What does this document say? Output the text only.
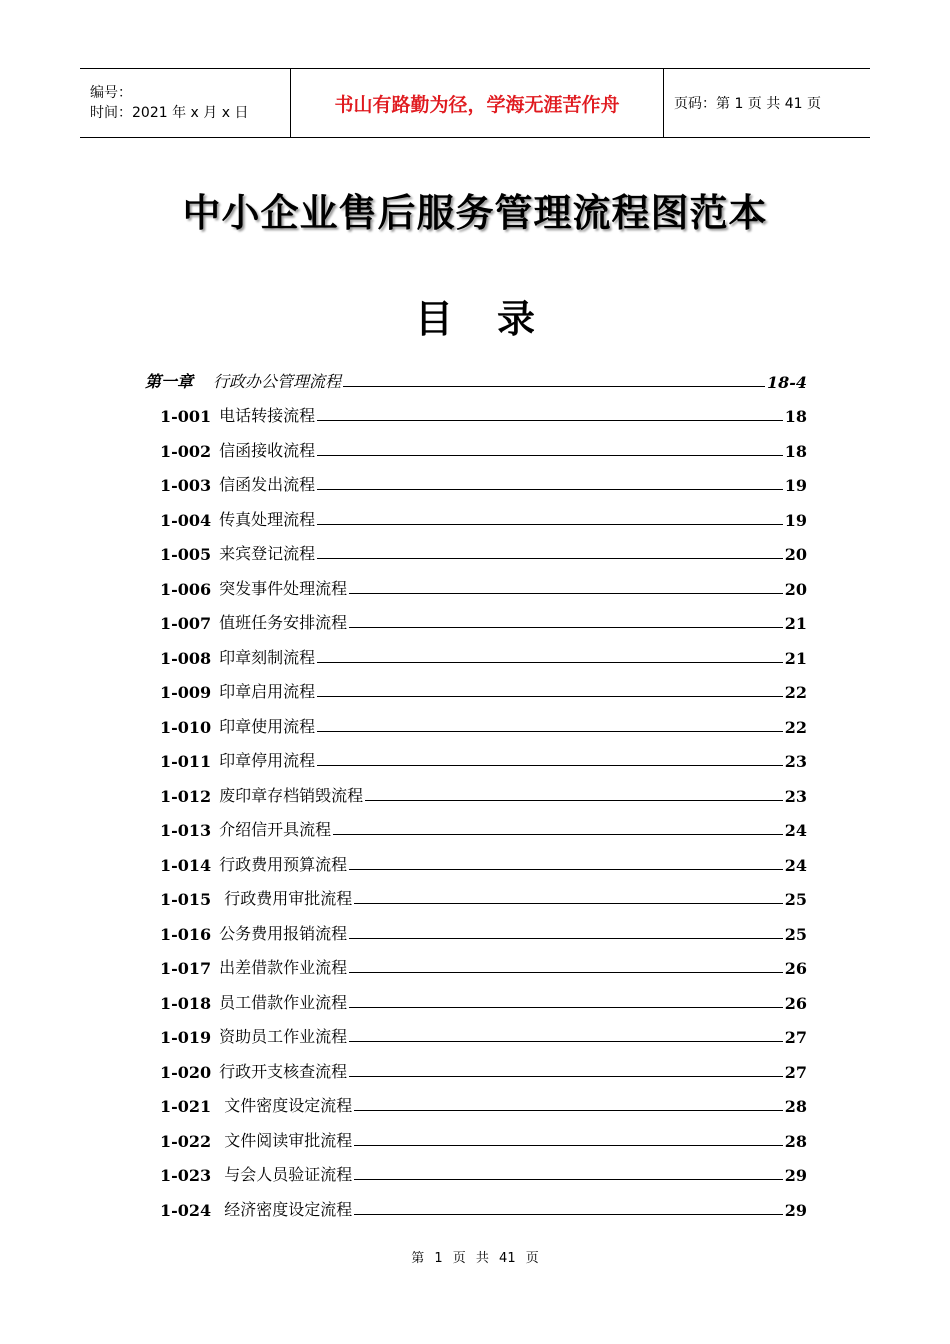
编号：
时间：2021 年 x 月 x 日	书山有路勤为径，学海无涯苦作舟	页码：第 1 页 共 41 页
中小企业售后服务管理流程图范本
目 录
第一章 行政办公管理流程	18-4
1-001 电话转接流程	18
1-002 信函接收流程	18
1-003 信函发出流程	19
1-004 传真处理流程	19
1-005 来宾登记流程	20
1-006 突发事件处理流程	20
1-007 值班任务安排流程	21
1-008 印章刻制流程	21
1-009 印章启用流程	22
1-010 印章使用流程	22
1-011 印章停用流程	23
1-012 废印章存档销毁流程	23
1-013 介绍信开具流程	24
1-014 行政费用预算流程	24
1-015 行政费用审批流程	25
1-016 公务费用报销流程	25
1-017 出差借款作业流程	26
1-018 员工借款作业流程	26
1-019 资助员工作业流程	27
1-020 行政开支核查流程	27
1-021 文件密度设定流程	28
1-022 文件阅读审批流程	28
1-023 与会人员验证流程	29
1-024 经济密度设定流程	29
第 1 页 共 41 页
